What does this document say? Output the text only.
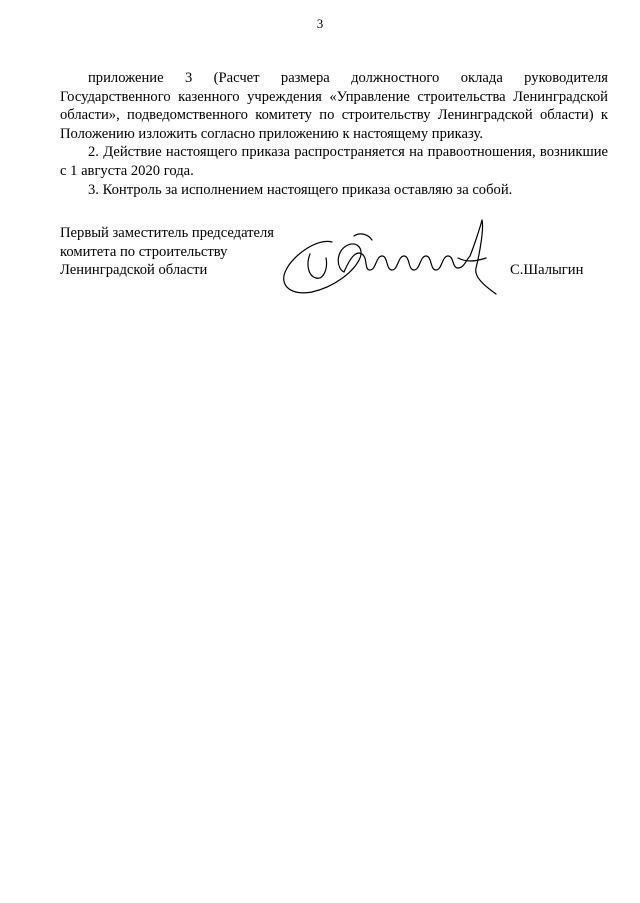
3

приложение 3 (Расчет размера должностного оклада руководителя Государственного казенного учреждения «Управление строительства Ленинградской области», подведомственного комитету по строительству Ленинградской области) к Положению изложить согласно приложению к настоящему приказу.

2. Действие настоящего приказа распространяется на правоотношения, возникшие с 1 августа 2020 года.

3. Контроль за исполнением настоящего приказа оставляю за собой.

Первый заместитель председателя
комитета по строительству
Ленинградской области	С.Шалыгин
